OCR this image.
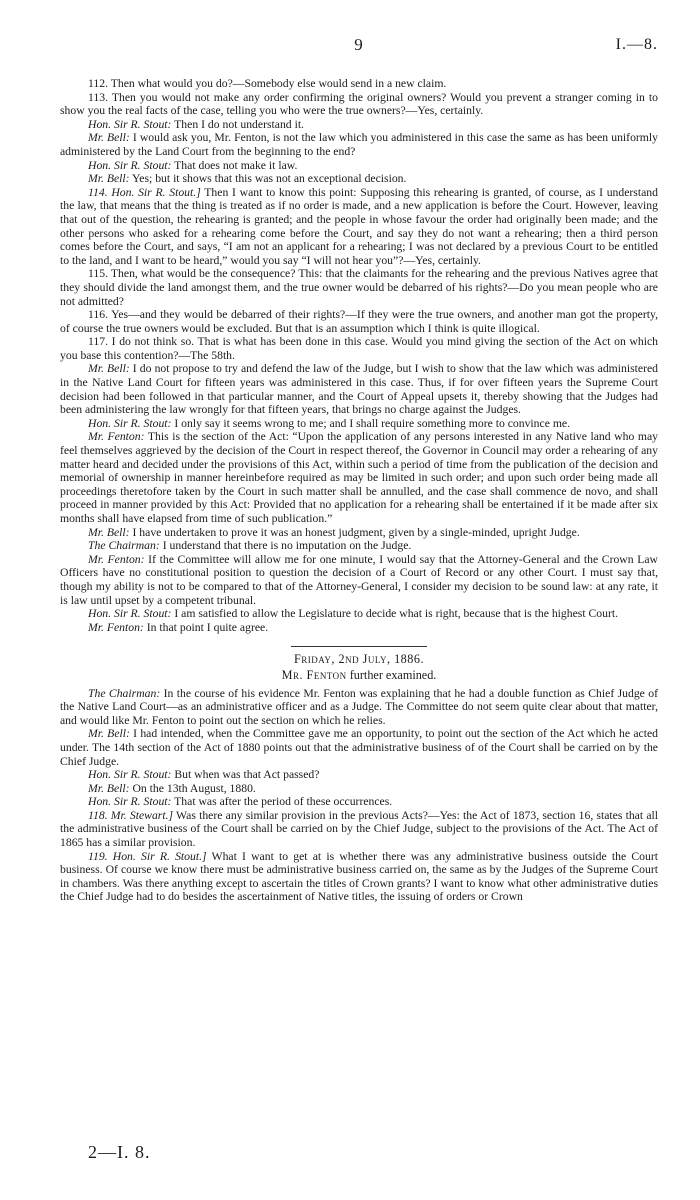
9	I.—8.

112. Then what would you do?—Somebody else would send in a new claim.

113. Then you would not make any order confirming the original owners? Would you prevent a stranger coming in to show you the real facts of the case, telling you who were the true owners?—Yes, certainly.

Hon. Sir R. Stout: Then I do not understand it.

Mr. Bell: I would ask you, Mr. Fenton, is not the law which you administered in this case the same as has been uniformly administered by the Land Court from the beginning to the end?

Hon. Sir R. Stout: That does not make it law.

Mr. Bell: Yes; but it shows that this was not an exceptional decision.

114. Hon. Sir R. Stout.] Then I want to know this point: Supposing this rehearing is granted, of course, as I understand the law, that means that the thing is treated as if no order is made, and a new application is before the Court. However, leaving that out of the question, the rehearing is granted; and the people in whose favour the order had originally been made; and the other persons who asked for a rehearing come before the Court, and say they do not want a rehearing; then a third person comes before the Court, and says, “I am not an applicant for a rehearing; I was not declared by a previous Court to be entitled to the land, and I want to be heard,” would you say “I will not hear you”?—Yes, certainly.

115. Then, what would be the consequence? This: that the claimants for the rehearing and the previous Natives agree that they should divide the land amongst them, and the true owner would be debarred of his rights?—Do you mean people who are not admitted?

116. Yes—and they would be debarred of their rights?—If they were the true owners, and another man got the property, of course the true owners would be excluded. But that is an assumption which I think is quite illogical.

117. I do not think so. That is what has been done in this case. Would you mind giving the section of the Act on which you base this contention?—The 58th.

Mr. Bell: I do not propose to try and defend the law of the Judge, but I wish to show that the law which was administered in the Native Land Court for fifteen years was administered in this case. Thus, if for over fifteen years the Supreme Court decision had been followed in that particular manner, and the Court of Appeal upsets it, thereby showing that the Judges had been administering the law wrongly for that fifteen years, that brings no charge against the Judges.

Hon. Sir R. Stout: I only say it seems wrong to me; and I shall require something more to convince me.

Mr. Fenton: This is the section of the Act: “Upon the application of any persons interested in any Native land who may feel themselves aggrieved by the decision of the Court in respect thereof, the Governor in Council may order a rehearing of any matter heard and decided under the provisions of this Act, within such a period of time from the publication of the decision and memorial of ownership in manner hereinbefore required as may be limited in such order; and upon such order being made all proceedings theretofore taken by the Court in such matter shall be annulled, and the case shall commence de novo, and shall proceed in manner provided by this Act: Provided that no application for a rehearing shall be entertained if it be made after six months shall have elapsed from time of such publication.”

Mr. Bell: I have undertaken to prove it was an honest judgment, given by a single-minded, upright Judge.

The Chairman: I understand that there is no imputation on the Judge.

Mr. Fenton: If the Committee will allow me for one minute, I would say that the Attorney-General and the Crown Law Officers have no constitutional position to question the decision of a Court of Record or any other Court. I must say that, though my ability is not to be compared to that of the Attorney-General, I consider my decision to be sound law: at any rate, it is law until upset by a competent tribunal.

Hon. Sir R. Stout: I am satisfied to allow the Legislature to decide what is right, because that is the highest Court.

Mr. Fenton: In that point I quite agree.

Friday, 2nd July, 1886.

Mr. Fenton further examined.

The Chairman: In the course of his evidence Mr. Fenton was explaining that he had a double function as Chief Judge of the Native Land Court—as an administrative officer and as a Judge. The Committee do not seem quite clear about that matter, and would like Mr. Fenton to point out the section on which he relies.

Mr. Bell: I had intended, when the Committee gave me an opportunity, to point out the section of the Act which he acted under. The 14th section of the Act of 1880 points out that the administrative business of of the Court shall be carried on by the Chief Judge.

Hon. Sir R. Stout: But when was that Act passed?

Mr. Bell: On the 13th August, 1880.

Hon. Sir R. Stout: That was after the period of these occurrences.

118. Mr. Stewart.] Was there any similar provision in the previous Acts?—Yes: the Act of 1873, section 16, states that all the administrative business of the Court shall be carried on by the Chief Judge, subject to the provisions of the Act. The Act of 1865 has a similar provision.

119. Hon. Sir R. Stout.] What I want to get at is whether there was any administrative business outside the Court business. Of course we know there must be administrative business carried on, the same as by the Judges of the Supreme Court in chambers. Was there anything except to ascertain the titles of Crown grants? I want to know what other administrative duties the Chief Judge had to do besides the ascertainment of Native titles, the issuing of orders or Crown

2—I. 8.
